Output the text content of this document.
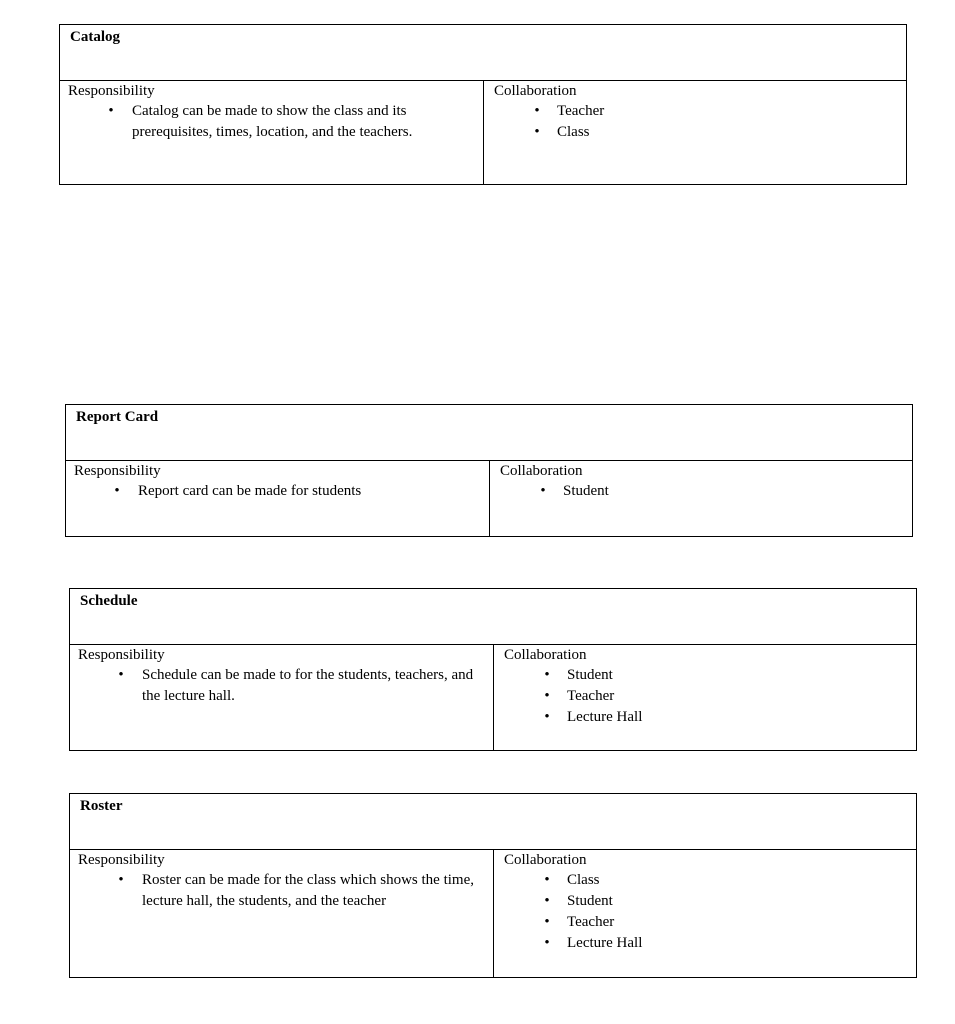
Catalog
Responsibility
• Catalog can be made to show the class and its prerequisites, times, location, and the teachers.
Collaboration
• Teacher
• Class
Report Card
Responsibility
• Report card can be made for students
Collaboration
• Student
Schedule
Responsibility
• Schedule can be made to for the students, teachers, and the lecture hall.
Collaboration
• Student
• Teacher
• Lecture Hall
Roster
Responsibility
• Roster can be made for the class which shows the time, lecture hall, the students, and the teacher
Collaboration
• Class
• Student
• Teacher
• Lecture Hall
